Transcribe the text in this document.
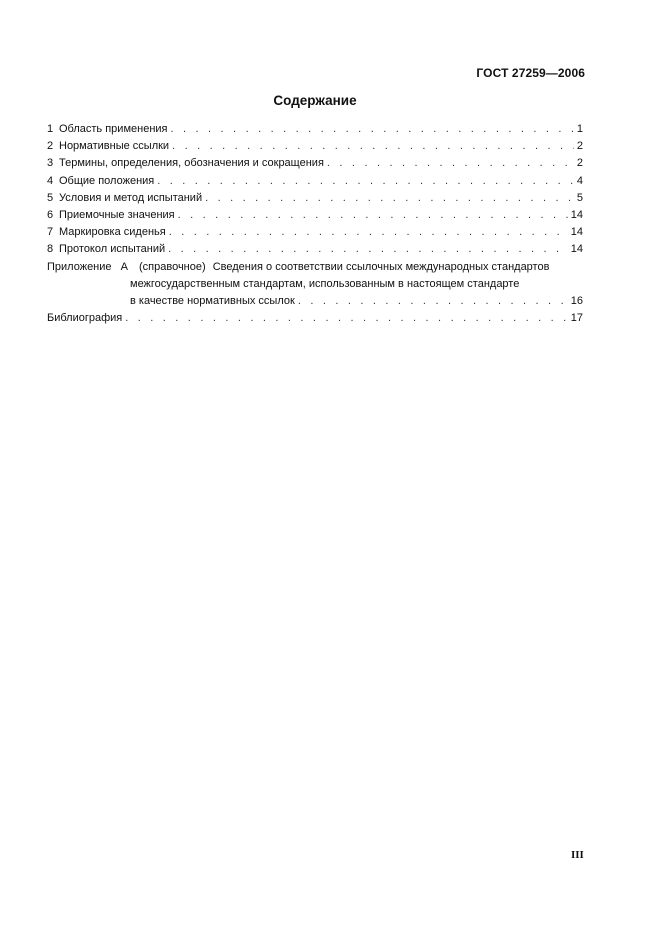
ГОСТ 27259—2006
Содержание
1 Область применения . . .	1
2 Нормативные ссылки . . .	2
3 Термины, определения, обозначения и сокращения . . .	2
4 Общие положения . . .	4
5 Условия и метод испытаний . . .	5
6 Приемочные значения . . .	14
7 Маркировка сиденья . . .	14
8 Протокол испытаний . . .	14
Приложение А (справочное) Сведения о соответствии ссылочных международных стандартов
межгосударственным стандартам, использованным в настоящем стандарте
в качестве нормативных ссылок . . .	16
Библиография . . .	17
III
